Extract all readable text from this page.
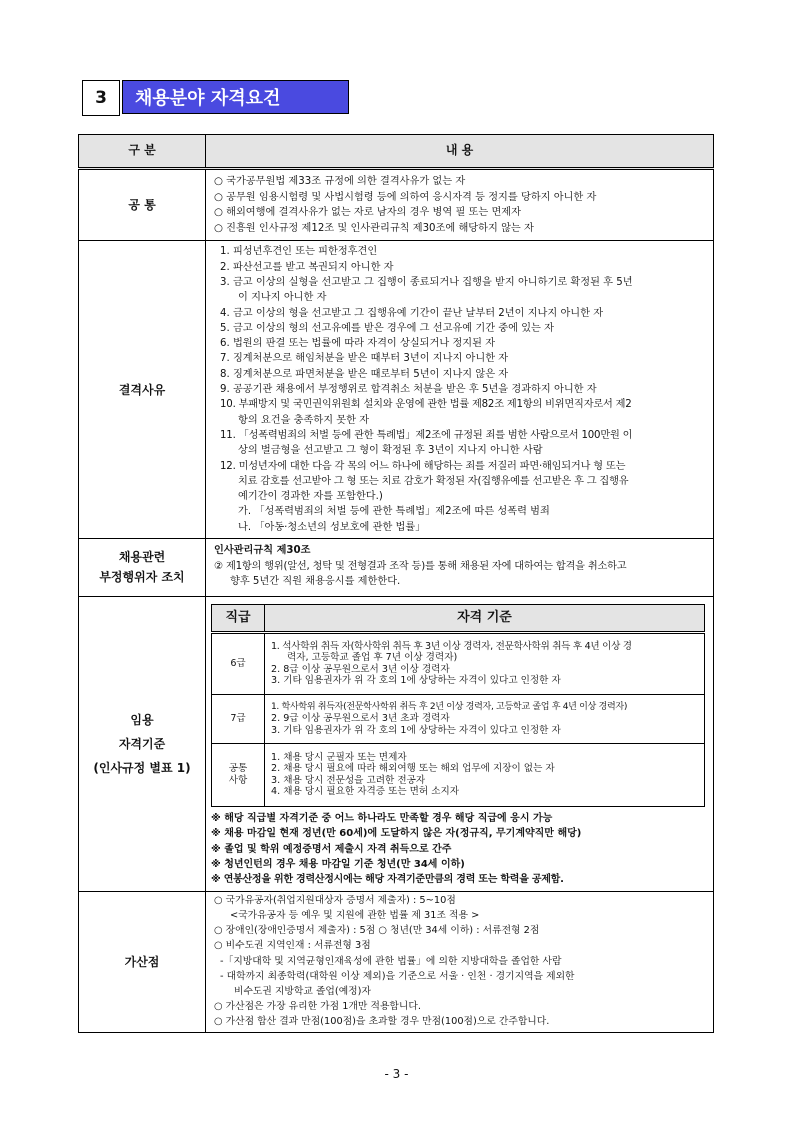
3	채용분야 자격요건
구 분	내 용
공 통	
○ 국가공무원법 제33조 규정에 의한 결격사유가 없는 자
○ 공무원 임용시험령 및 사법시험령 등에 의하여 응시자격 등 정지를 당하지 아니한 자
○ 해외여행에 결격사유가 없는 자로 남자의 경우 병역 필 또는 면제자
○ 진흥원 인사규정 제12조 및 인사관리규칙 제30조에 해당하지 않는 자

결격사유	
1. 피성년후견인 또는 피한정후견인
2. 파산선고를 받고 복권되지 아니한 자
3. 금고 이상의 실형을 선고받고 그 집행이 종료되거나 집행을 받지 아니하기로 확정된 후 5년
이 지나지 아니한 자
4. 금고 이상의 형을 선고받고 그 집행유예 기간이 끝난 날부터 2년이 지나지 아니한 자
5. 금고 이상의 형의 선고유예를 받은 경우에 그 선고유예 기간 중에 있는 자
6. 법원의 판결 또는 법률에 따라 자격이 상실되거나 정지된 자
7. 징계처분으로 해임처분을 받은 때부터 3년이 지나지 아니한 자
8. 징계처분으로 파면처분을 받은 때로부터 5년이 지나지 않은 자
9. 공공기관 채용에서 부정행위로 합격취소 처분을 받은 후 5년을 경과하지 아니한 자
10. 부패방지 및 국민권익위원회 설치와 운영에 관한 법률 제82조 제1항의 비위면직자로서 제2
항의 요건을 충족하지 못한 자
11. 「성폭력범죄의 처벌 등에 관한 특례법」제2조에 규정된 죄를 범한 사람으로서 100만원 이
상의 벌금형을 선고받고 그 형이 확정된 후 3년이 지나지 아니한 사람
12. 미성년자에 대한 다음 각 목의 어느 하나에 해당하는 죄를 저질러 파면·해임되거나 형 또는
치료 감호를 선고받아 그 형 또는 치료 감호가 확정된 자(집행유예를 선고받은 후 그 집행유
예기간이 경과한 자를 포함한다.)
가. 「성폭력범죄의 처벌 등에 관한 특례법」제2조에 따른 성폭력 범죄
나. 「아동·청소년의 성보호에 관한 법률」

채용관련
부정행위자 조치

인사관리규칙 제30조
② 제1항의 행위(알선, 청탁 및 전형결과 조작 등)를 통해 채용된 자에 대하여는 합격을 취소하고
향후 5년간 직원 채용응시를 제한한다.

임용
자격기준
(인사규정 별표 1)

직급	자격 기준
6급	
1. 석사학위 취득 자(학사학위 취득 후 3년 이상 경력자, 전문학사학위 취득 후 4년 이상 경
력자, 고등학교 졸업 후 7년 이상 경력자)
2. 8급 이상 공무원으로서 3년 이상 경력자
3. 기타 임용권자가 위 각 호의 1에 상당하는 자격이 있다고 인정한 자

7급	
1. 학사학위 취득자(전문학사학위 취득 후 2년 이상 경력자, 고등학교 졸업 후 4년 이상 경력자)
2. 9급 이상 공무원으로서 3년 초과 경력자
3. 기타 임용권자가 위 각 호의 1에 상당하는 자격이 있다고 인정한 자

공통
사항

1. 채용 당시 군필자 또는 면제자
2. 채용 당시 필요에 따라 해외여행 또는 해외 업무에 지장이 없는 자
3. 채용 당시 전문성을 고려한 전공자
4. 채용 당시 필요한 자격증 또는 면허 소지자
※ 해당 직급별 자격기준 중 어느 하나라도 만족할 경우 해당 직급에 응시 가능
※ 채용 마감일 현재 정년(만 60세)에 도달하지 않은 자(정규직, 무기계약직만 해당)
※ 졸업 및 학위 예정증명서 제출시 자격 취득으로 간주
※ 청년인턴의 경우 채용 마감일 기준 청년(만 34세 이하)
※ 연봉산정을 위한 경력산정시에는 해당 자격기준만큼의 경력 또는 학력을 공제함.

가산점	
○ 국가유공자(취업지원대상자 증명서 제출자) : 5~10점
<국가유공자 등 예우 및 지원에 관한 법률 제 31조 적용 >
○ 장애인(장애인증명서 제출자) : 5점 ○ 청년(만 34세 이하) : 서류전형 2점
○ 비수도권 지역인재 : 서류전형 3점
-「지방대학 및 지역균형인재육성에 관한 법률」에 의한 지방대학을 졸업한 사람
- 대학까지 최종학력(대학원 이상 제외)을 기준으로 서울 · 인천 · 경기지역을 제외한
비수도권 지방학교 졸업(예정)자
○ 가산점은 가장 유리한 가점 1개만 적용합니다.
○ 가산점 합산 결과 만점(100점)을 초과할 경우 만점(100점)으로 간주합니다.
- 3 -
